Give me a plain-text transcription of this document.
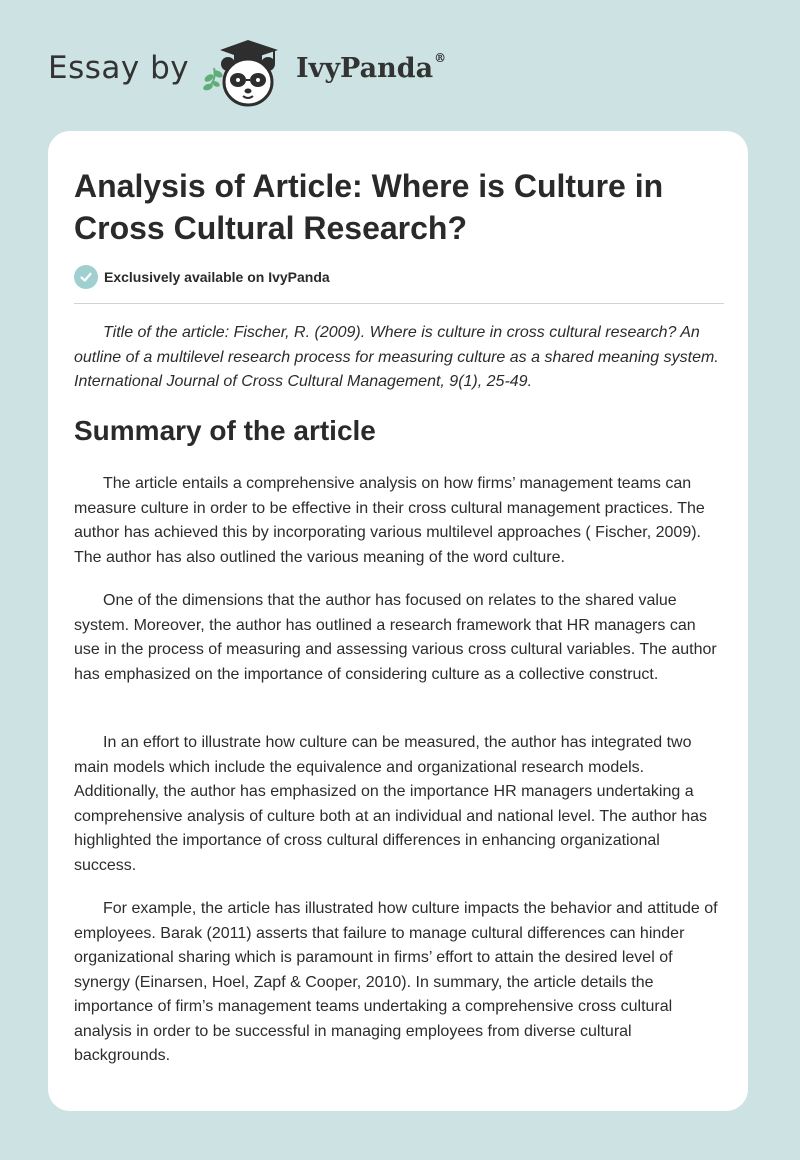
Essay by	IvyPanda®
Analysis of Article: Where is Culture in Cross Cultural Research?
Exclusively available on IvyPanda

Title of the article: Fischer, R. (2009). Where is culture in cross cultural research? An outline of a multilevel research process for measuring culture as a shared meaning system. International Journal of Cross Cultural Management, 9(1), 25-49.

Summary of the article

The article entails a comprehensive analysis on how firms’ management teams can measure culture in order to be effective in their cross cultural management practices. The author has achieved this by incorporating various multilevel approaches ( Fischer, 2009). The author has also outlined the various meaning of the word culture.

One of the dimensions that the author has focused on relates to the shared value system. Moreover, the author has outlined a research framework that HR managers can use in the process of measuring and assessing various cross cultural variables. The author has emphasized on the importance of considering culture as a collective construct.

In an effort to illustrate how culture can be measured, the author has integrated two main models which include the equivalence and organizational research models. Additionally, the author has emphasized on the importance HR managers undertaking a comprehensive analysis of culture both at an individual and national level. The author has highlighted the importance of cross cultural differences in enhancing organizational success.

For example, the article has illustrated how culture impacts the behavior and attitude of employees. Barak (2011) asserts that failure to manage cultural differences can hinder organizational sharing which is paramount in firms’ effort to attain the desired level of synergy (Einarsen, Hoel, Zapf & Cooper, 2010). In summary, the article details the importance of firm’s management teams undertaking a comprehensive cross cultural analysis in order to be successful in managing employees from diverse cultural backgrounds.
